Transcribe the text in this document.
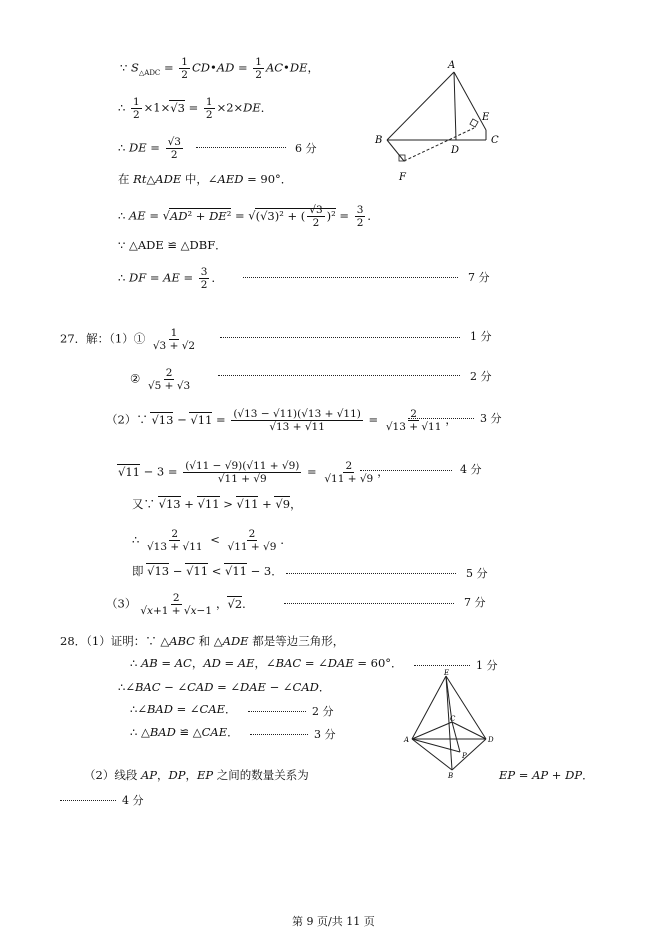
∵ $S_{\triangle ADC} = \frac{1}{2}$ CD•AD = $\frac{1}{2}$ AC•DE，
∴ $\frac{1}{2} \times 1\times√3 = \frac{1}{2} \times 2\times DE$．
∴ DE = $\frac{√3}{2}$	6 分
在 Rt△ADE 中，∠AED = 90°．
∴ AE = √AD² + DE² = √(√3)² + ( $\frac{√3}{2} )^2 = \frac{3}{2}$ ．
∵ △ADE ≌ △DBF．
∴ DF = AE = $\frac{3}{2}$ ．	7 分
A
B	C
D
E
F
27．解：（1）① $\frac{1}{√3 + √2}$	1 分
② $\frac{2}{√5 + √3}$	2 分
（2）∵ $√13 - √11 = \frac{(√13 - √11)(√13 + √11)}{√13 + √11} = \frac{2}{√13 + √11}$ ， 3 分
$√11 - 3 = \frac{(√11 - √9)(√11 + √9)}{√11 + √9} = \frac{2}{√11 + √9}$ ，	4 分
又∵ √13 + √11 > √11 + √9，
∴ $\frac{2}{√13 + √11} < \frac{2}{√11 + √9}$ ．
即 √13 − √11 < √11 − 3．	5 分
$(3) \frac{2}{√x+1 + √x-1}$ ，√2．	7 分
28．（1）证明：∵ △ABC 和 △ADE 都是等边三角形，
∴ AB = AC，AD = AE，∠BAC = ∠DAE = 60°．	1 分
∴∠BAC − ∠CAD = ∠DAE − ∠CAD．
∴∠BAD = ∠CAE．	2 分
∴ △BAD ≌ △CAE．	3 分
E
C
A	D
P
B
（2）线段 AP，DP，EP 之间的数量关系为	EP = AP + DP．
4 分
第 9 页/共 11 页
